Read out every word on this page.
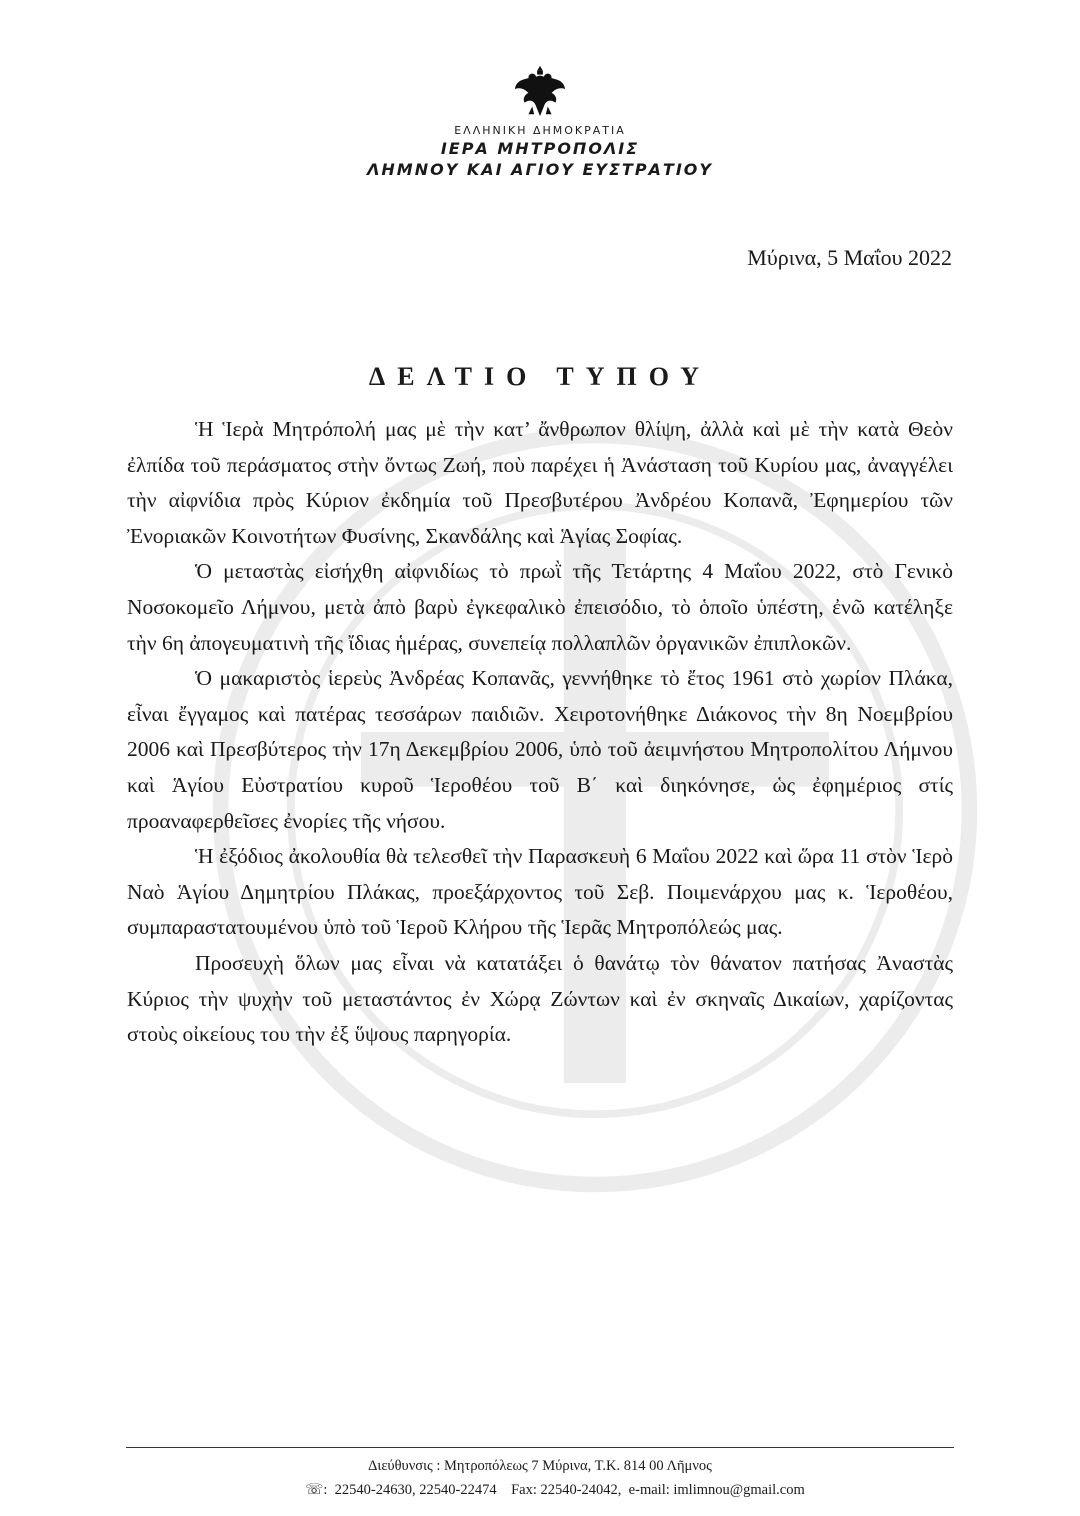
ΕΛΛΗΝΙΚΗ ΔΗΜΟΚΡΑΤΙΑ
ΙΕΡΑ ΜΗΤΡΟΠΟΛΙΣ
ΛΗΜΝΟΥ ΚΑΙ ΑΓΙΟΥ ΕΥΣΤΡΑΤΙΟΥ
Μύρινα, 5 Μαΐου 2022
ΔΕΛΤΙΟ ΤΥΠΟΥ

Ἡ Ἱερὰ Μητρόπολή μας μὲ τὴν κατ’ ἄνθρωπον θλίψη, ἀλλὰ καὶ μὲ τὴν κατὰ Θεὸν ἐλπίδα τοῦ περάσματος στὴν ὄντως Ζωή, ποὺ παρέχει ἡ Ἀνάσταση τοῦ Κυρίου μας, ἀναγγέλει τὴν αἰφνίδια πρὸς Κύριον ἐκδημία τοῦ Πρεσβυτέρου Ἀνδρέου Κοπανᾶ, Ἐφημερίου τῶν Ἐνοριακῶν Κοινοτήτων Φυσίνης, Σκανδάλης καὶ Ἁγίας Σοφίας.

Ὁ μεταστὰς εἰσήχθη αἰφνιδίως τὸ πρωῒ τῆς Τετάρτης 4 Μαΐου 2022, στὸ Γενικὸ Νοσοκομεῖο Λήμνου, μετὰ ἀπὸ βαρὺ ἐγκεφαλικὸ ἐπεισόδιο, τὸ ὁποῖο ὑπέστη, ἐνῶ κατέληξε τὴν 6η ἀπογευματινὴ τῆς ἴδιας ἡμέρας, συνεπείᾳ πολλαπλῶν ὀργανικῶν ἐπιπλοκῶν.

Ὁ μακαριστὸς ἱερεὺς Ἀνδρέας Κοπανᾶς, γεννήθηκε τὸ ἔτος 1961 στὸ χωρίον Πλάκα, εἶναι ἔγγαμος καὶ πατέρας τεσσάρων παιδιῶν. Χειροτονήθηκε Διάκονος τὴν 8η Νοεμβρίου 2006 καὶ Πρεσβύτερος τὴν 17η Δεκεμβρίου 2006, ὑπὸ τοῦ ἀειμνήστου Μητροπολίτου Λήμνου καὶ Ἁγίου Εὐστρατίου κυροῦ Ἱεροθέου τοῦ Β΄ καὶ διηκόνησε, ὡς ἐφημέριος στίς προαναφερθεῖσες ἐνορίες τῆς νήσου.

Ἡ ἐξόδιος ἀκολουθία θὰ τελεσθεῖ τὴν Παρασκευὴ 6 Μαΐου 2022 καὶ ὥρα 11 στὸν Ἱερὸ Ναὸ Ἁγίου Δημητρίου Πλάκας, προεξάρχοντος τοῦ Σεβ. Ποιμενάρχου μας κ. Ἱεροθέου, συμπαραστατουμένου ὑπὸ τοῦ Ἱεροῦ Κλήρου τῆς Ἱερᾶς Μητροπόλεώς μας.

Προσευχὴ ὅλων μας εἶναι νὰ κατατάξει ὁ θανάτῳ τὸν θάνατον πατήσας Ἀναστὰς Κύριος τὴν ψυχὴν τοῦ μεταστάντος ἐν Χώρᾳ Ζώντων καὶ ἐν σκηναῖς Δικαίων, χαρίζοντας στοὺς οἰκείους του τὴν ἐξ ὕψους παρηγορία.

Διεύθυνσις : Μητροπόλεως 7 Μύρινα, Τ.Κ. 814 00 Λῆμνος
☏:  22540-24630, 22540-22474    Fax: 22540-24042,  e-mail: imlimnou@gmail.com
